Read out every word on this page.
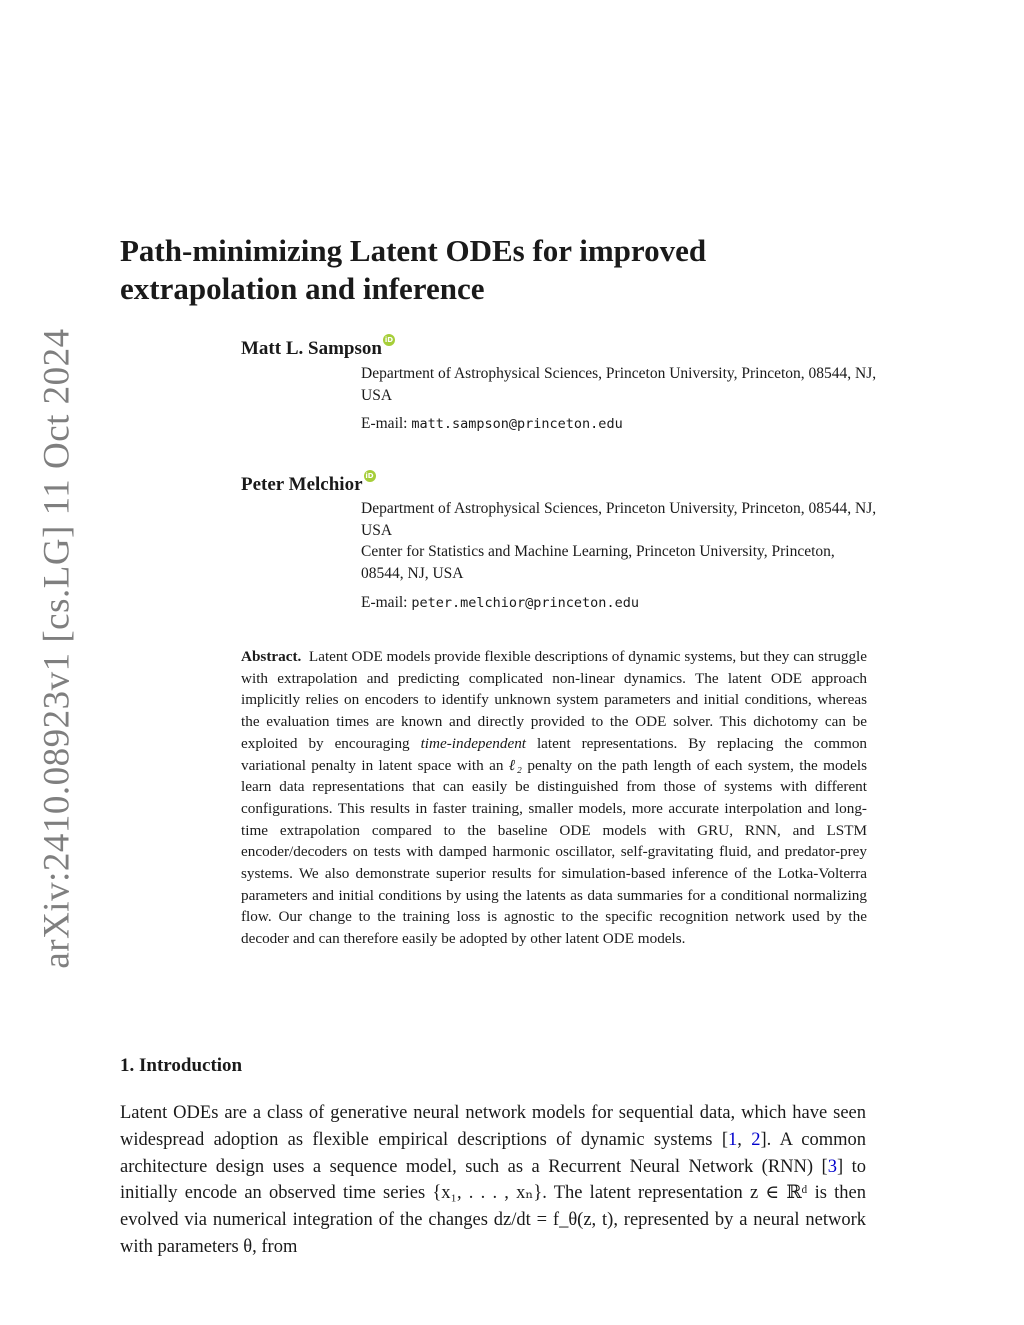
arXiv:2410.08923v1 [cs.LG] 11 Oct 2024
Path-minimizing Latent ODEs for improved extrapolation and inference
Matt L. Sampson iD

Department of Astrophysical Sciences, Princeton University, Princeton, 08544, NJ, USA

E-mail: matt.sampson@princeton.edu
Peter Melchior iD

Department of Astrophysical Sciences, Princeton University, Princeton, 08544, NJ, USA

Center for Statistics and Machine Learning, Princeton University, Princeton, 08544, NJ, USA

E-mail: peter.melchior@princeton.edu

Abstract. Latent ODE models provide flexible descriptions of dynamic systems, but they can struggle with extrapolation and predicting complicated non-linear dynamics. The latent ODE approach implicitly relies on encoders to identify unknown system parameters and initial conditions, whereas the evaluation times are known and directly provided to the ODE solver. This dichotomy can be exploited by encouraging time-independent latent representations. By replacing the common variational penalty in latent space with an ℓ₂ penalty on the path length of each system, the models learn data representations that can easily be distinguished from those of systems with different configurations. This results in faster training, smaller models, more accurate interpolation and long-time extrapolation compared to the baseline ODE models with GRU, RNN, and LSTM encoder/decoders on tests with damped harmonic oscillator, self-gravitating fluid, and predator-prey systems. We also demonstrate superior results for simulation-based inference of the Lotka-Volterra parameters and initial conditions by using the latents as data summaries for a conditional normalizing flow. Our change to the training loss is agnostic to the specific recognition network used by the decoder and can therefore easily be adopted by other latent ODE models.

1. Introduction

Latent ODEs are a class of generative neural network models for sequential data, which have seen widespread adoption as flexible empirical descriptions of dynamic systems [1, 2]. A common architecture design uses a sequence model, such as a Recurrent Neural Network (RNN) [3] to initially encode an observed time series {x₁, . . . , xₙ}. The latent representation z ∈ ℝᵈ is then evolved via numerical integration of the changes dz/dt = f_θ(z, t), represented by a neural network with parameters θ, from
